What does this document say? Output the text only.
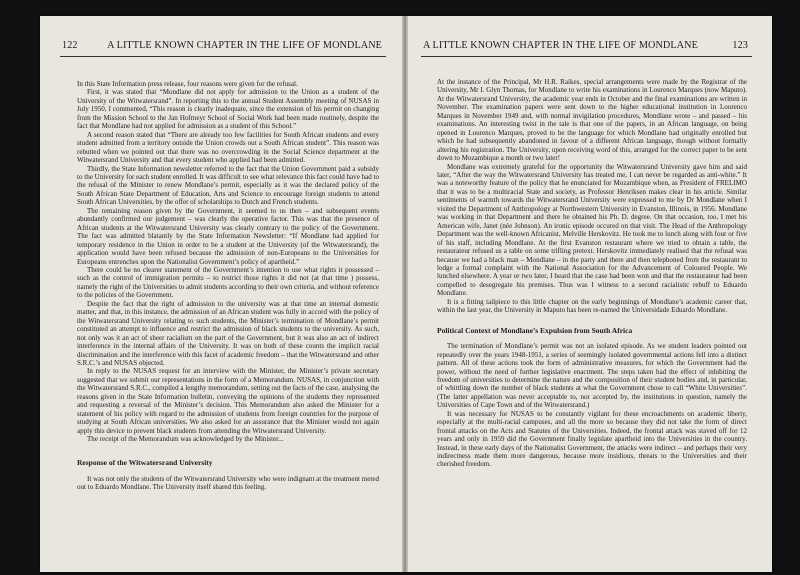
122	A LITTLE KNOWN CHAPTER IN THE LIFE OF MONDLANE

In this State Information press release, four reasons were given for the refusal.

First, it was stated that “Mondlane did not apply for admission to the Union as a student of the University of the Witwatersrand”. In reporting this to the annual Student Assembly meeting of NUSAS in July 1950, I commented, “This reason is clearly inadequate, since the extension of his permit on changing from the Mission School to the Jan Hofmeyr School of Social Work had been made routinely, despite the fact that Mondlane had not applied for admission as a student of this School.”

A second reason stated that “There are already too few facilities for South African students and every student admitted from a territory outside the Union crowds out a South African student”. This reason was rebutted when we pointed out that there was no overcrowding in the Social Science department at the Witwatersrand University and that every student who applied had been admitted.

Thirdly, the State Information newsletter referred to the fact that the Union Government paid a subsidy to the University for each student enrolled. It was difficult to see what relevance this fact could have had to the refusal of the Minister to renew Mondlane’s permit, especially as it was the declared policy of the South African State Department of Education, Arts and Science to encourage foreign students to attend South African Universities, by the offer of scholarships to Dutch and French students.

The remaining reason given by the Government, it seemed to us then – and subsequent events abundantly confirmed our judgement – was clearly the operative factor. This was that the presence of African students at the Witwatersrand University was clearly contrary to the policy of the Government. The fact was admitted blatantly by the State Information Newsletter: “If Mondlane had applied for temporary residence in the Union in order to be a student at the University (of the Witwatersrand), the application would have been refused because the admission of non-Europeans to the Universities for Europeans entrenches upon the Nationalist Government’s policy of apartheid.”

There could be no clearer statement of the Government’s intention to use what rights it possessed – such as the control of immigration permits – to restrict those rights it did not (at that time ) possess, namely the right of the Universities to admit students according to their own criteria, and without reference to the policies of the Government.

Despite the fact that the right of admission to the university was at that time an internal domestic matter, and that, in this instance, the admission of an African student was fully in accord with the policy of the Witwatersrand University relating to such students, the Minister’s termination of Mondlane’s permit constituted an attempt to influence and restrict the admission of black students to the university. As such, not only was it an act of sheer racialism on the part of the Government, but it was also an act of indirect interference in the internal affairs of the University. It was on both of these counts the implicit racial discrimination and the interference with this facet of academic freedom – that the Witwatersrand and other S.R.C.’s and NUSAS objected.

In reply to the NUSAS request for an interview with the Minister, the Minister’s private secretary suggested that we submit our representations in the form of a Memorandum. NUSAS, in conjunction with the Witwatersrand S.R.C., compiled a lengthy memorandum, setting out the facts of the case, analysing the reasons given in the State Information bulletin, conveying the opinions of the students they represented and requesting a reversal of the Minister’s decision. This Memorandum also asked the Minister for a statement of his policy with regard to the admission of students from foreign countries for the purpose of studying at South African universities. We also asked for an assurance that the Minister would not again apply this device to prevent black students from attending the Witwatersrand University.

The receipt of the Memorandum was acknowledged by the Minister...

Response of the Witwatersrand University

It was not only the students of the Witwatersrand University who were indignant at the treatment meted out to Eduardo Mondlane. The University itself shared this feeling.

A LITTLE KNOWN CHAPTER IN THE LIFE OF MONDLANE	123

At the instance of the Principal, Mr H.R. Raikes, special arrangements were made by the Registrar of the University, Mr I. Glyn Thomas, for Mondlane to write his examinations in Lourenco Marques (now Maputo). At the Witwatersrand University, the academic year ends in October and the final examinations are written in November. The examination papers were sent down to the higher educational institution in Lourenco Marques in November 1949 and, with normal invigilation procedures, Mondlane wrote – and passed – his examinations. An interesting twist in the tale is that one of the papers, in an African language, on being opened in Lourenco Marques, proved to be the language for which Mondlane had originally enrolled but which he had subsequently abandoned in favour of a different African language, though without formally altering his registration. The University, upon receiving word of this, arranged for the correct paper to be sent down to Mozambique a month or two later!

Mondlane was extremely grateful for the opportunity the Witwatersrand University gave him and said later, “After the way the Witwatersrand University has treated me, I can never be regarded as anti-white.” It was a noteworthy feature of the policy that he enunciated for Mozambique when, as President of FRELIMO that it was to be a multiracial State and society, as Professor Henriksen makes clear in his article. Similar sentiments of warmth towards the Witwatersrand University were expressed to me by Dr Mondlane when I visited the Department of Anthropology at Northwestern University in Evanston, Illinois, in 1956. Mondlane was working in that Department and there he obtained his Ph. D. degree. On that occasion, too, I met his American wife, Janet (née Johnson). An ironic episode occured on that visit. The Head of the Anthropology Department was the well-known Africanist, Melville Herskovitz. He took me to lunch along with four or five of his staff, including Mondlane. At the first Evanston restaurant where we tried to obtain a table, the restaurateur refused us a table on some trifling pretext. Herskovitz immediately realised that the refusal was because we had a black man – Mondlane – in the party and there and then telephoned from the restaurant to lodge a formal complaint with the National Association for the Advancement of Coloured People. We lunched elsewhere. A year or two later, I heard that the case had been won and that the restaurateur had been compelled to desegregate his premises. Thus was I witness to a second racialistic rebuff to Eduardo Mondlane.

It is a fitting tailpiece to this little chapter on the early beginnings of Mondlane’s academic career that, within the last year, the University in Maputo has been re-named the Universidade Eduardo Mondlane.

Political Context of Mondlane’s Expulsion from South Africa

The termination of Mondlane’s permit was not an isolated episode. As we student leaders pointed out repeatedly over the years 1948-1951, a series of seemingly isolated governmental actions fell into a distinct pattern. All of these actions took the form of administrative measures, for which the Government had the power, without the need of further legislative enactment. The steps taken had the effect of inhibiting the freedom of universities to determine the nature and the composition of their student bodies and, in particular, of whittling down the number of black students at what the Government chose to call “White Universities”. (The latter appellation was never acceptable to, nor accepted by, the institutions in question, namely the Universities of Cape Town and of the Witwatersrand.)

It was necessary for NUSAS to be constantly vigilant for these encroachments on academic liberty, especially at the multi-racial campuses, and all the more so because they did not take the form of direct frontal attacks on the Acts and Statutes of the Universities. Indeed, the frontal attack was staved off for 12 years and only in 1959 did the Government finally legislate apartheid into the Universities in the country. Instead, in these early days of the Nationalist Government, the attacks were indirect – and perhaps their very indirectness made them more dangerous, because more insidious, threats to the Universities and their cherished freedom.
